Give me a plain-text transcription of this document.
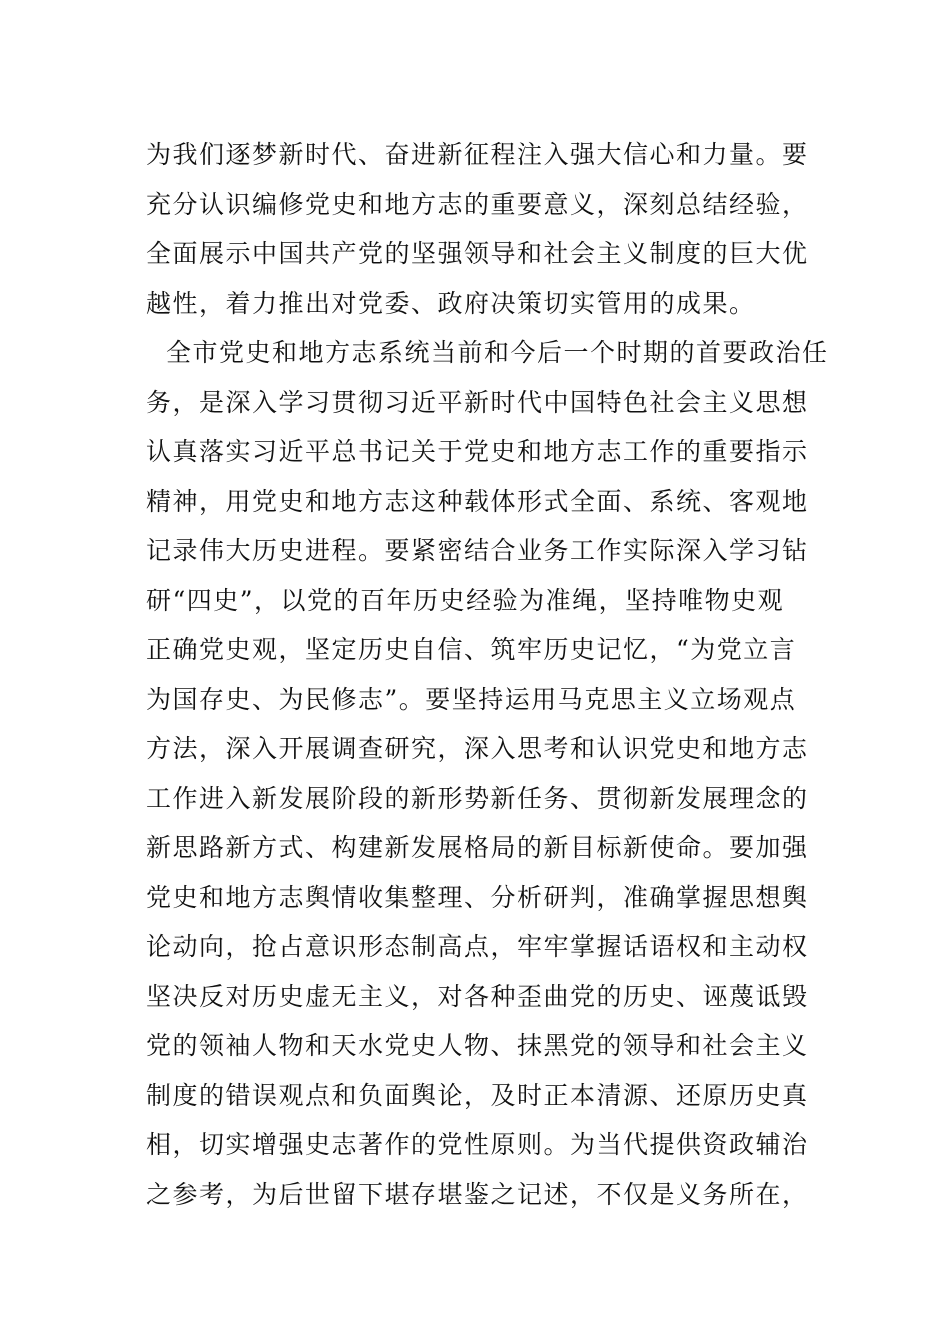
为我们逐梦新时代、奋进新征程注入强大信心和力量。要
充分认识编修党史和地方志的重要意义，深刻总结经验，
全面展示中国共产党的坚强领导和社会主义制度的巨大优
越性，着力推出对党委、政府决策切实管用的成果。
全市党史和地方志系统当前和今后一个时期的首要政治任
务，是深入学习贯彻习近平新时代中国特色社会主义思想
认真落实习近平总书记关于党史和地方志工作的重要指示
精神，用党史和地方志这种载体形式全面、系统、客观地
记录伟大历史进程。要紧密结合业务工作实际深入学习钻
研“四史”，以党的百年历史经验为准绳，坚持唯物史观
正确党史观，坚定历史自信、筑牢历史记忆，“为党立言
为国存史、为民修志”。要坚持运用马克思主义立场观点
方法，深入开展调查研究，深入思考和认识党史和地方志
工作进入新发展阶段的新形势新任务、贯彻新发展理念的
新思路新方式、构建新发展格局的新目标新使命。要加强
党史和地方志舆情收集整理、分析研判，准确掌握思想舆
论动向，抢占意识形态制高点，牢牢掌握话语权和主动权
坚决反对历史虚无主义，对各种歪曲党的历史、诬蔑诋毁
党的领袖人物和天水党史人物、抹黑党的领导和社会主义
制度的错误观点和负面舆论，及时正本清源、还原历史真
相，切实增强史志著作的党性原则。为当代提供资政辅治
之参考，为后世留下堪存堪鉴之记述，不仅是义务所在，
